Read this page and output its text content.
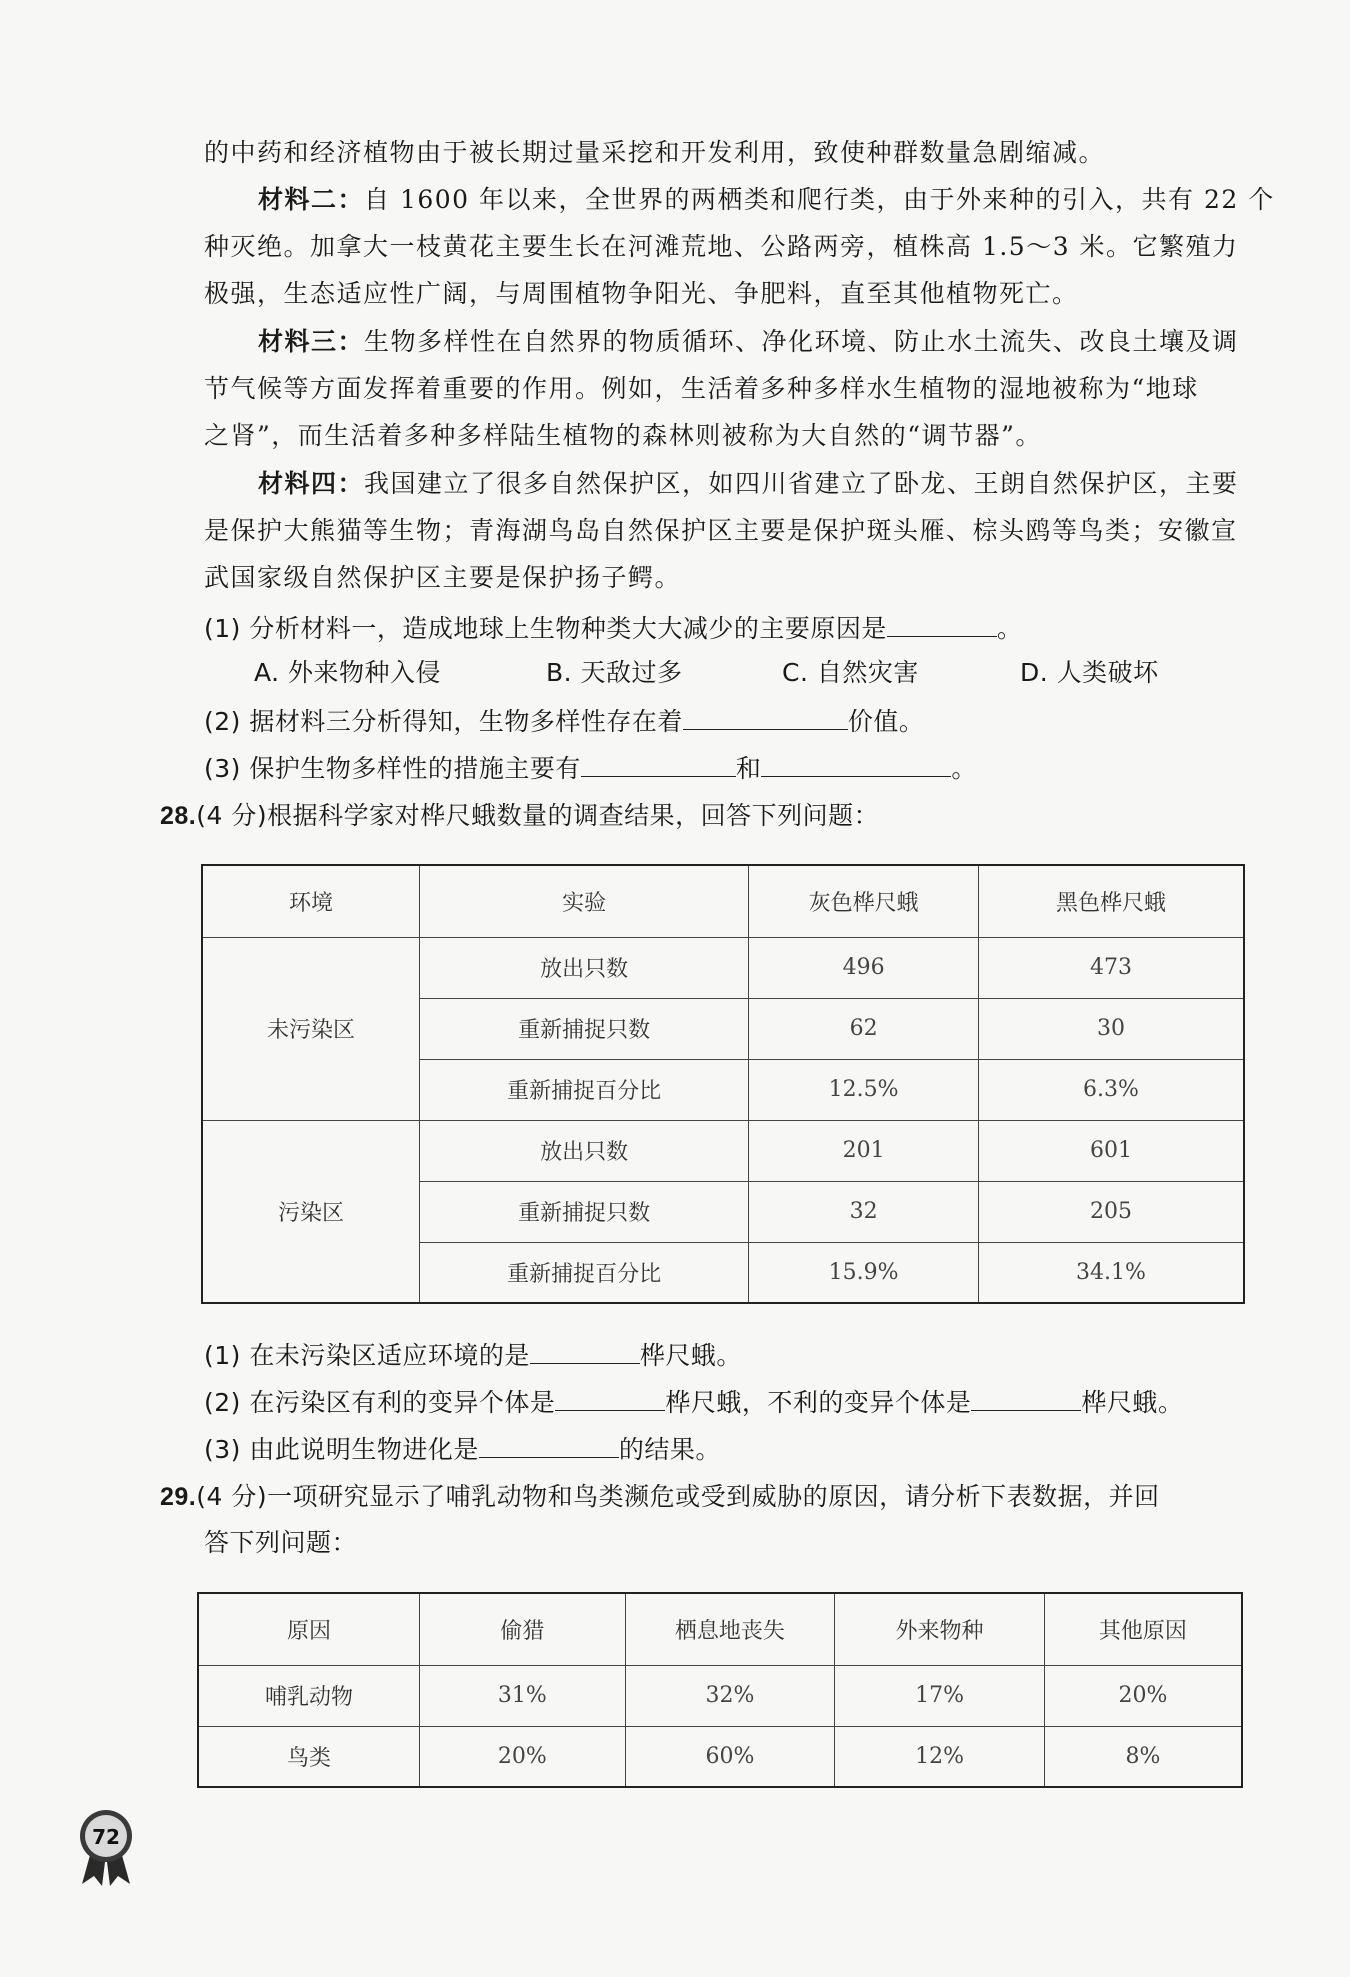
的中药和经济植物由于被长期过量采挖和开发利用，致使种群数量急剧缩减。
材料二：自 1600 年以来，全世界的两栖类和爬行类，由于外来种的引入，共有 22 个
种灭绝。加拿大一枝黄花主要生长在河滩荒地、公路两旁，植株高 1.5～3 米。它繁殖力
极强，生态适应性广阔，与周围植物争阳光、争肥料，直至其他植物死亡。
材料三：生物多样性在自然界的物质循环、净化环境、防止水土流失、改良土壤及调
节气候等方面发挥着重要的作用。例如，生活着多种多样水生植物的湿地被称为“地球
之肾”，而生活着多种多样陆生植物的森林则被称为大自然的“调节器”。
材料四：我国建立了很多自然保护区，如四川省建立了卧龙、王朗自然保护区，主要
是保护大熊猫等生物；青海湖鸟岛自然保护区主要是保护斑头雁、棕头鸥等鸟类；安徽宣
武国家级自然保护区主要是保护扬子鳄。
(1) 分析材料一，造成地球上生物种类大大减少的主要原因是	。
A. 外来物种入侵	B. 天敌过多	C. 自然灾害	D. 人类破坏
(2) 据材料三分析得知，生物多样性存在着	价值。
(3) 保护生物多样性的措施主要有	和	。
28.(4 分)根据科学家对桦尺蛾数量的调查结果，回答下列问题：
环境	实验	灰色桦尺蛾	黑色桦尺蛾
未污染区	放出只数	496	473
	重新捕捉只数	62	30
	重新捕捉百分比	12.5%	6.3%
污染区	放出只数	201	601
	重新捕捉只数	32	205
	重新捕捉百分比	15.9%	34.1%
(1) 在未污染区适应环境的是	桦尺蛾。
(2) 在污染区有利的变异个体是	桦尺蛾，不利的变异个体是	桦尺蛾。
(3) 由此说明生物进化是	的结果。
29.(4 分)一项研究显示了哺乳动物和鸟类濒危或受到威胁的原因，请分析下表数据，并回
答下列问题：
原因	偷猎	栖息地丧失	外来物种	其他原因
哺乳动物	31%	32%	17%	20%
鸟类	20%	60%	12%	8%
72
